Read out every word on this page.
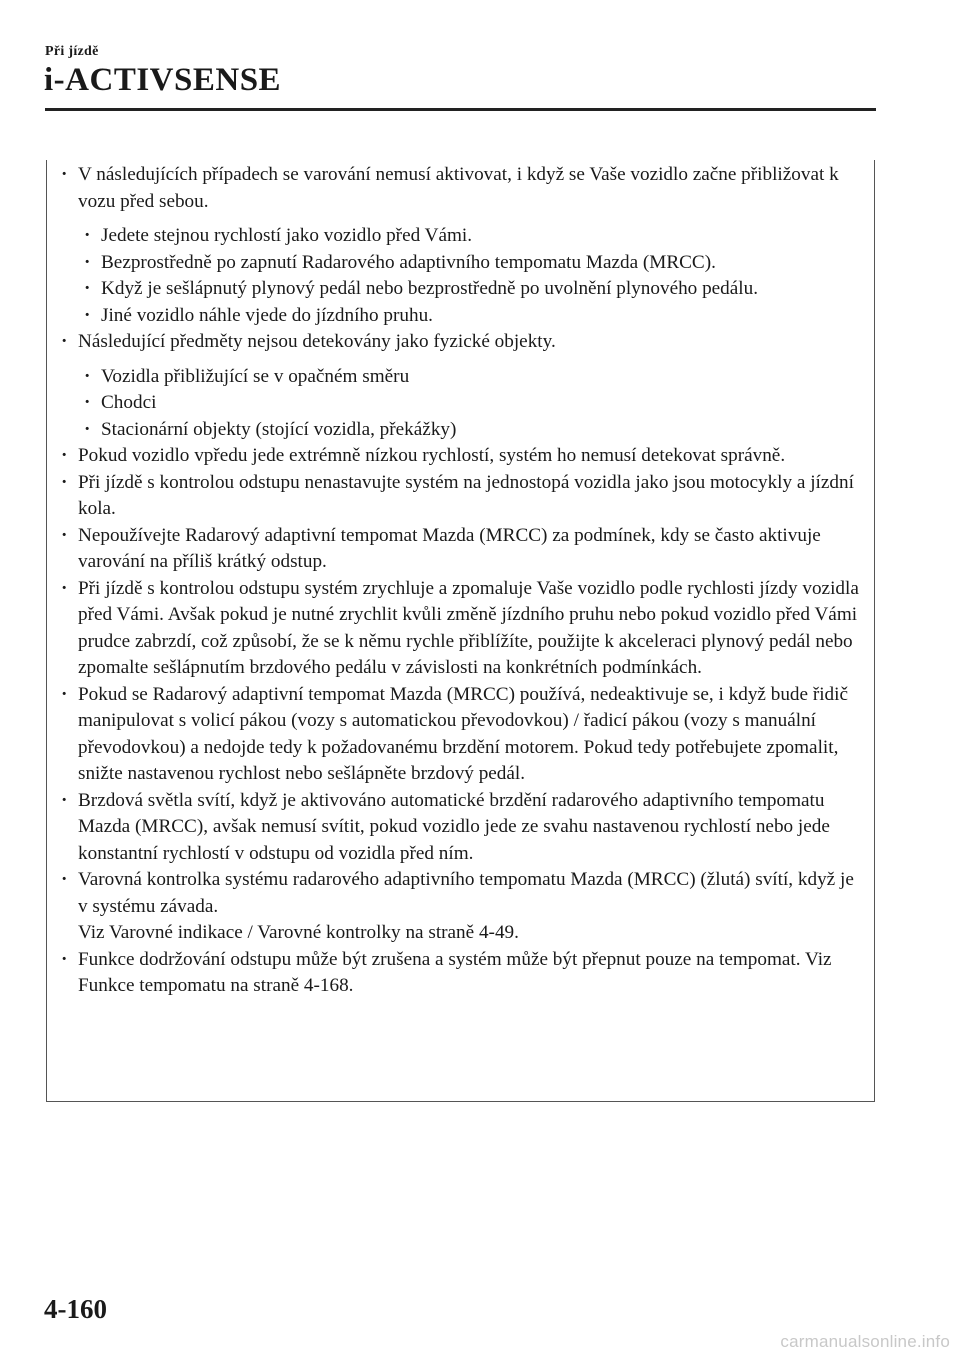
Při jízdě
i-ACTIVSENSE
· V následujících případech se varování nemusí aktivovat, i když se Vaše vozidlo začne přibližovat k vozu před sebou.
· Jedete stejnou rychlostí jako vozidlo před Vámi.
· Bezprostředně po zapnutí Radarového adaptivního tempomatu Mazda (MRCC).
· Když je sešlápnutý plynový pedál nebo bezprostředně po uvolnění plynového pedálu.
· Jiné vozidlo náhle vjede do jízdního pruhu.
· Následující předměty nejsou detekovány jako fyzické objekty.
· Vozidla přibližující se v opačném směru
· Chodci
· Stacionární objekty (stojící vozidla, překážky)
· Pokud vozidlo vpředu jede extrémně nízkou rychlostí, systém ho nemusí detekovat správně.
· Při jízdě s kontrolou odstupu nenastavujte systém na jednostopá vozidla jako jsou motocykly a jízdní kola.
· Nepoužívejte Radarový adaptivní tempomat Mazda (MRCC) za podmínek, kdy se často aktivuje varování na příliš krátký odstup.
· Při jízdě s kontrolou odstupu systém zrychluje a zpomaluje Vaše vozidlo podle rychlosti jízdy vozidla před Vámi. Avšak pokud je nutné zrychlit kvůli změně jízdního pruhu nebo pokud vozidlo před Vámi prudce zabrzdí, což způsobí, že se k němu rychle přiblížíte, použijte k akceleraci plynový pedál nebo zpomalte sešlápnutím brzdového pedálu v závislosti na konkrétních podmínkách.
· Pokud se Radarový adaptivní tempomat Mazda (MRCC) používá, nedeaktivuje se, i když bude řidič manipulovat s volicí pákou (vozy s automatickou převodovkou) / řadicí pákou (vozy s manuální převodovkou) a nedojde tedy k požadovanému brzdění motorem. Pokud tedy potřebujete zpomalit, snižte nastavenou rychlost nebo sešlápněte brzdový pedál.
· Brzdová světla svítí, když je aktivováno automatické brzdění radarového adaptivního tempomatu Mazda (MRCC), avšak nemusí svítit, pokud vozidlo jede ze svahu nastavenou rychlostí nebo jede konstantní rychlostí v odstupu od vozidla před ním.
· Varovná kontrolka systému radarového adaptivního tempomatu Mazda (MRCC) (žlutá) svítí, když je v systému závada.
Viz Varovné indikace / Varovné kontrolky na straně 4-49.
· Funkce dodržování odstupu může být zrušena a systém může být přepnut pouze na tempomat. Viz Funkce tempomatu na straně 4-168.
4-160
carmanualsonline.info
